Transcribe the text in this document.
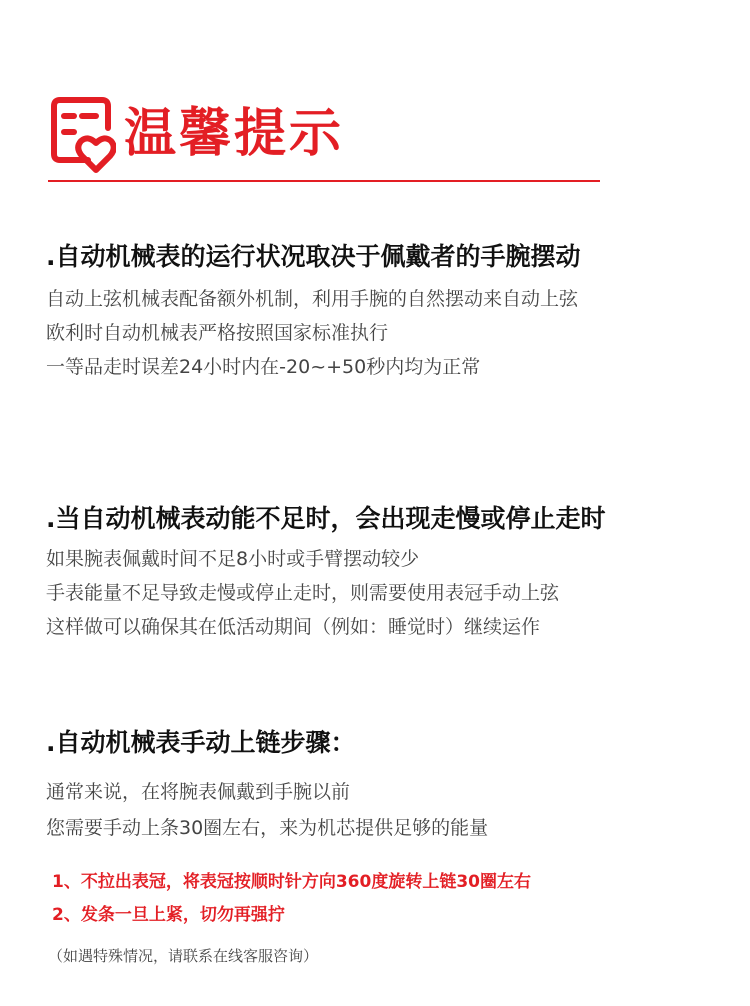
温馨提示
.自动机械表的运行状况取决于佩戴者的手腕摆动
自动上弦机械表配备额外机制，利用手腕的自然摆动来自动上弦
欧利时自动机械表严格按照国家标准执行
一等品走时误差24小时内在-20~+50秒内均为正常
.当自动机械表动能不足时，会出现走慢或停止走时
如果腕表佩戴时间不足8小时或手臂摆动较少
手表能量不足导致走慢或停止走时，则需要使用表冠手动上弦
这样做可以确保其在低活动期间（例如：睡觉时）继续运作
.自动机械表手动上链步骤：
通常来说，在将腕表佩戴到手腕以前
您需要手动上条30圈左右，来为机芯提供足够的能量
1、不拉出表冠，将表冠按顺时针方向360度旋转上链30圈左右
2、发条一旦上紧，切勿再强拧
（如遇特殊情况，请联系在线客服咨询）
